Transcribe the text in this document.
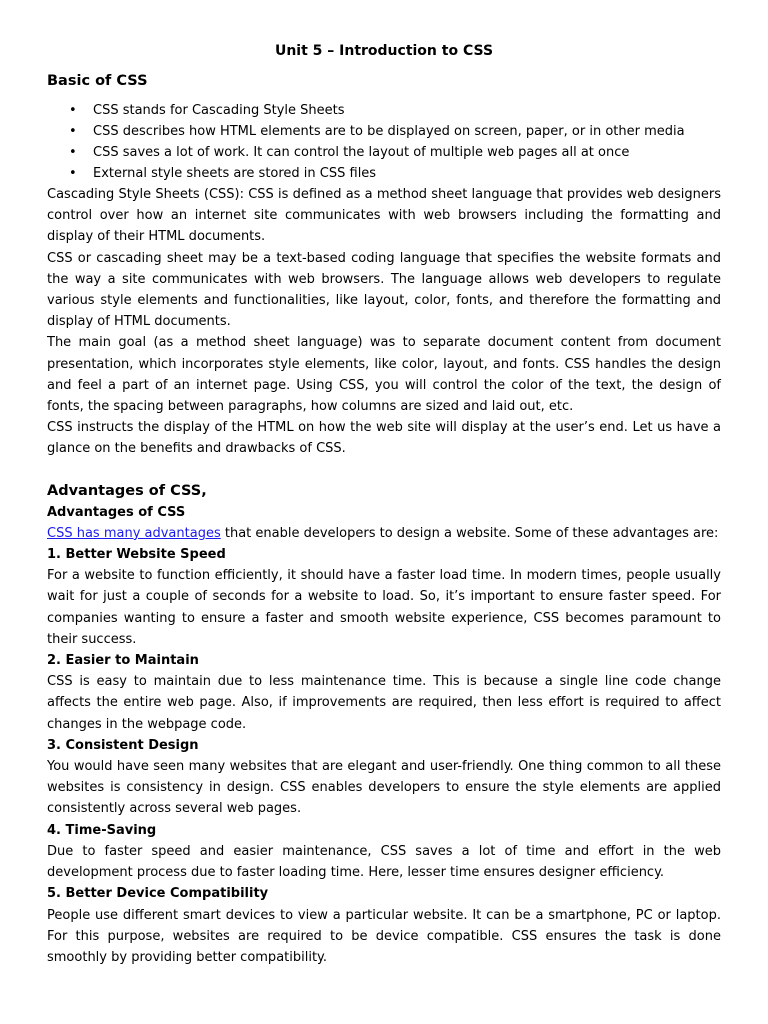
Unit 5 – Introduction to CSS
Basic of CSS
• CSS stands for Cascading Style Sheets
• CSS describes how HTML elements are to be displayed on screen, paper, or in other media
• CSS saves a lot of work. It can control the layout of multiple web pages all at once
• External style sheets are stored in CSS files

Cascading Style Sheets (CSS): CSS is defined as a method sheet language that provides web designers control over how an internet site communicates with web browsers including the formatting and display of their HTML documents.

CSS or cascading sheet may be a text-based coding language that specifies the website formats and the way a site communicates with web browsers. The language allows web developers to regulate various style elements and functionalities, like layout, color, fonts, and therefore the formatting and display of HTML documents.

The main goal (as a method sheet language) was to separate document content from document presentation, which incorporates style elements, like color, layout, and fonts. CSS handles the design and feel a part of an internet page. Using CSS, you will control the color of the text, the design of fonts, the spacing between paragraphs, how columns are sized and laid out, etc.

CSS instructs the display of the HTML on how the web site will display at the user’s end. Let us have a glance on the benefits and drawbacks of CSS.

Advantages of CSS,
Advantages of CSS

CSS has many advantages that enable developers to design a website. Some of these advantages are:

1. Better Website Speed

For a website to function efficiently, it should have a faster load time. In modern times, people usually wait for just a couple of seconds for a website to load. So, it’s important to ensure faster speed. For companies wanting to ensure a faster and smooth website experience, CSS becomes paramount to their success.

2. Easier to Maintain

CSS is easy to maintain due to less maintenance time. This is because a single line code change affects the entire web page. Also, if improvements are required, then less effort is required to affect changes in the webpage code.

3. Consistent Design

You would have seen many websites that are elegant and user-friendly. One thing common to all these websites is consistency in design. CSS enables developers to ensure the style elements are applied consistently across several web pages.

4. Time-Saving

Due to faster speed and easier maintenance, CSS saves a lot of time and effort in the web development process due to faster loading time. Here, lesser time ensures designer efficiency.

5. Better Device Compatibility

People use different smart devices to view a particular website. It can be a smartphone, PC or laptop. For this purpose, websites are required to be device compatible. CSS ensures the task is done smoothly by providing better compatibility.
